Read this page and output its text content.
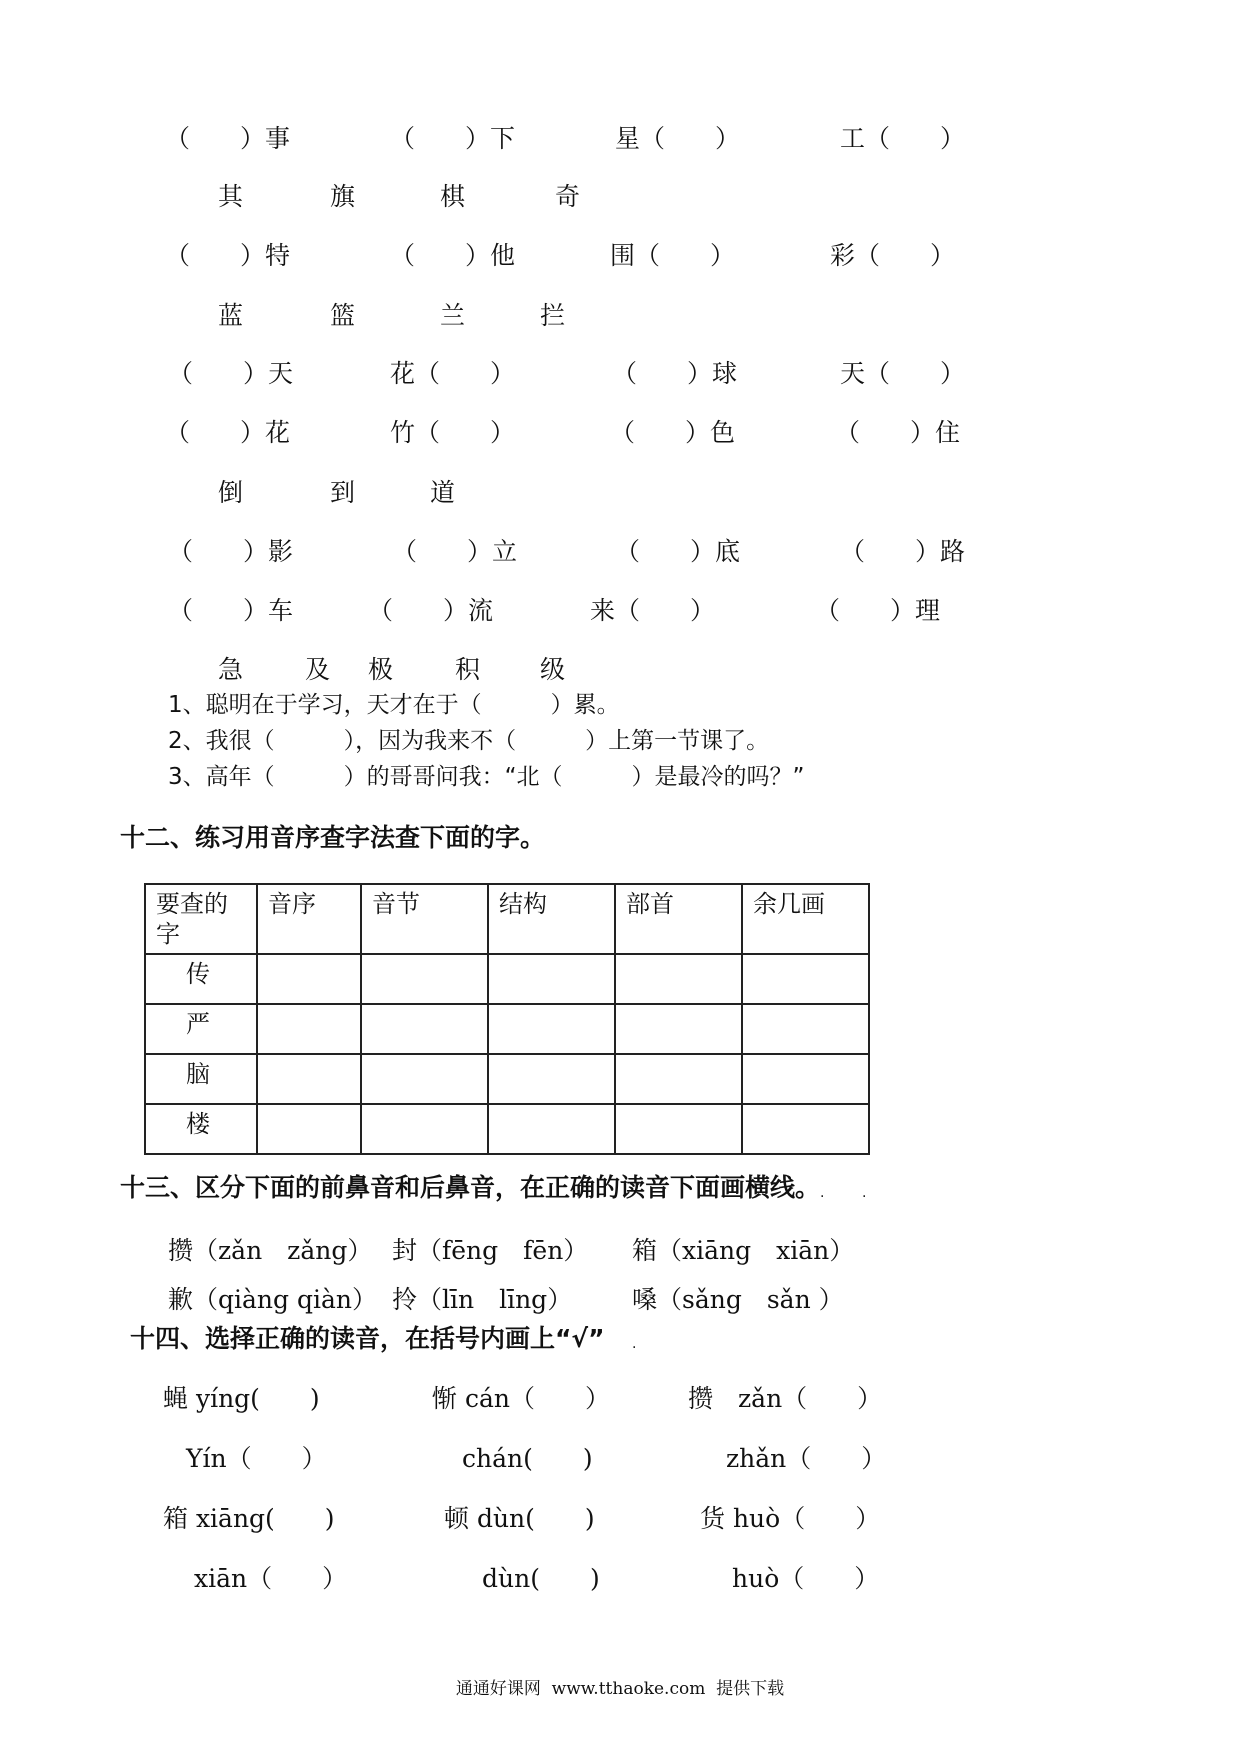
（　　）事	（　　）下	星（　　）	工（　　）
其	旗	棋	奇
（　　）特	（　　）他	围（　　）	彩（　　）
蓝	篮	兰	拦
（　　）天	花（　　）	（　　）球	天（　　）
（　　）花	竹（　　）	（　　）色	（　　）住
倒	到	道
（　　）影	（　　）立	（　　）底	（　　）路
（　　）车	（　　）流	来（　　）	（　　）理
急 及 极 积 级
1、聪明在于学习，天才在于（　　　）累。
2、我很（　　　），因为我来不（　　　）上第一节课了。
3、高年（　　　）的哥哥问我：“北（　　　）是最冷的吗？”
十二、练习用音序查字法查下面的字。
要查的字	音序	音节	结构	部首	余几画
传					
严					
脑					
楼					
十三、区分下面的前鼻音和后鼻音，在正确的读音下面画横线。 .	.
攒（zǎn　zǎng） 封（fēng　fēn） 箱（xiāng　xiān）
歉（qiàng qiàn） 拎（līn　līng） 嗓（sǎng　sǎn ）
十四、选择正确的读音，在括号内画上“√” .
蝇 yíng(　　)	惭 cán（　　）	攒　zǎn（　　）
Yín（　　）	chán(　　)	zhǎn（　　）
箱 xiāng(　　)	顿 dùn(　　)	货 huò（　　）
xiān（　　）	dùn(　　)	huò（　　）
通通好课网  www.tthaoke.com  提供下载
